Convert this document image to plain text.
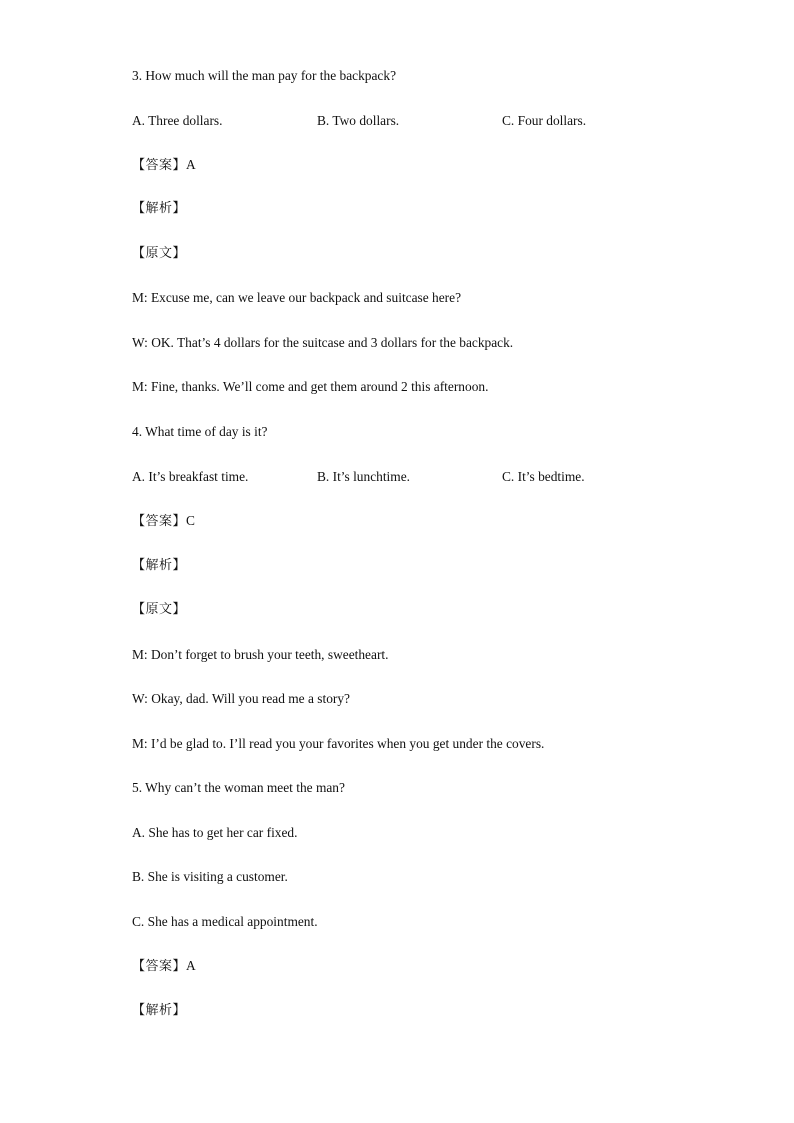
3. How much will the man pay for the backpack?
A. Three dollars.	B. Two dollars.	C. Four dollars.
【答案】A
【解析】
【原文】
M: Excuse me, can we leave our backpack and suitcase here?
W: OK. That’s 4 dollars for the suitcase and 3 dollars for the backpack.
M: Fine, thanks. We’ll come and get them around 2 this afternoon.
4. What time of day is it?
A. It’s breakfast time.	B. It’s lunchtime.	C. It’s bedtime.
【答案】C
【解析】
【原文】
M: Don’t forget to brush your teeth, sweetheart.
W: Okay, dad. Will you read me a story?
M: I’d be glad to. I’ll read you your favorites when you get under the covers.
5. Why can’t the woman meet the man?
A. She has to get her car fixed.
B. She is visiting a customer.
C. She has a medical appointment.
【答案】A
【解析】
